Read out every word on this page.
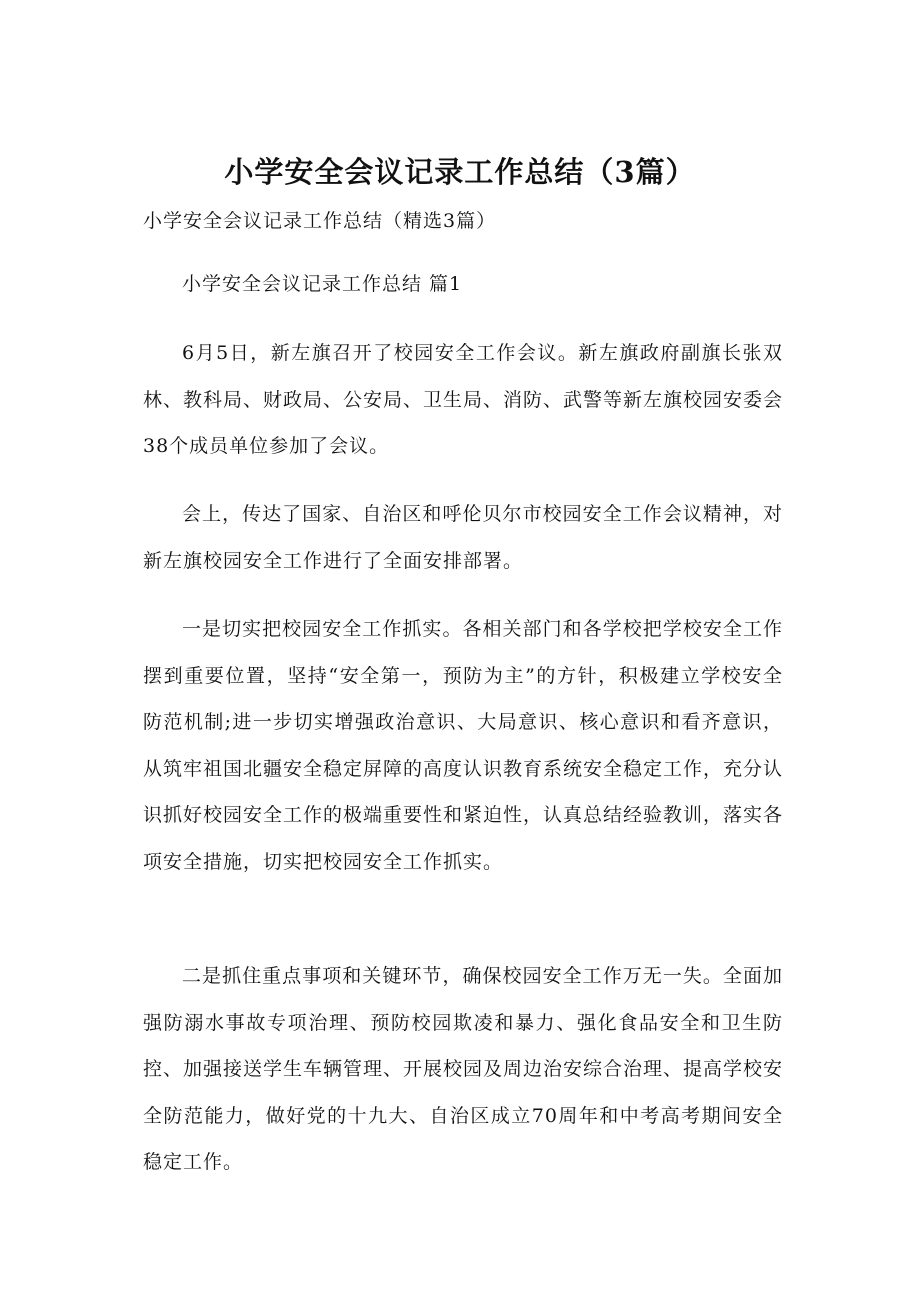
小学安全会议记录工作总结（3篇）

小学安全会议记录工作总结（精选3篇）

小学安全会议记录工作总结 篇1

6月5日，新左旗召开了校园安全工作会议。新左旗政府副旗长张双林、教科局、财政局、公安局、卫生局、消防、武警等新左旗校园安委会38个成员单位参加了会议。

会上，传达了国家、自治区和呼伦贝尔市校园安全工作会议精神，对新左旗校园安全工作进行了全面安排部署。

一是切实把校园安全工作抓实。各相关部门和各学校把学校安全工作摆到重要位置，坚持“安全第一，预防为主”的方针，积极建立学校安全防范机制;进一步切实增强政治意识、大局意识、核心意识和看齐意识，从筑牢祖国北疆安全稳定屏障的高度认识教育系统安全稳定工作，充分认识抓好校园安全工作的极端重要性和紧迫性，认真总结经验教训，落实各项安全措施，切实把校园安全工作抓实。

二是抓住重点事项和关键环节，确保校园安全工作万无一失。全面加强防溺水事故专项治理、预防校园欺凌和暴力、强化食品安全和卫生防控、加强接送学生车辆管理、开展校园及周边治安综合治理、提高学校安全防范能力，做好党的十九大、自治区成立70周年和中考高考期间安全稳定工作。
